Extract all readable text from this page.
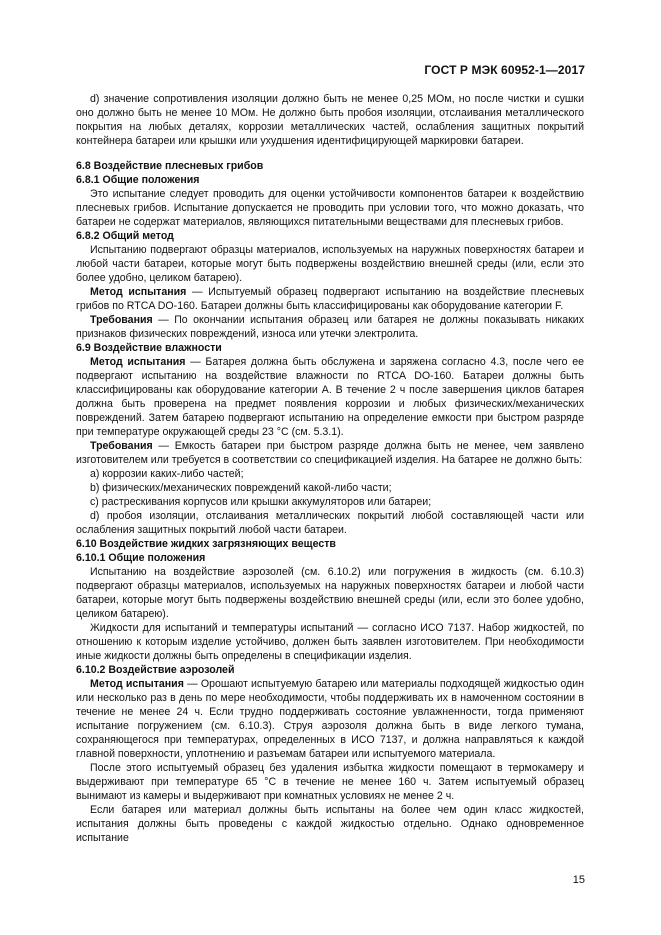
ГОСТ Р МЭК 60952-1—2017

d) значение сопротивления изоляции должно быть не менее 0,25 МОм, но после чистки и сушки оно должно быть не менее 10 МОм. Не должно быть пробоя изоляции, отслаивания металлического покрытия на любых деталях, коррозии металлических частей, ослабления защитных покрытий контейнера батареи или крышки или ухудшения идентифицирующей маркировки батареи.

6.8 Воздействие плесневых грибов

6.8.1 Общие положения

Это испытание следует проводить для оценки устойчивости компонентов батареи к воздействию плесневых грибов. Испытание допускается не проводить при условии того, что можно доказать, что батареи не содержат материалов, являющихся питательными веществами для плесневых грибов.

6.8.2 Общий метод

Испытанию подвергают образцы материалов, используемых на наружных поверхностях батареи и любой части батареи, которые могут быть подвержены воздействию внешней среды (или, если это более удобно, целиком батарею).

Метод испытания — Испытуемый образец подвергают испытанию на воздействие плесневых грибов по RTCA DO-160. Батареи должны быть классифицированы как оборудование категории F.

Требования — По окончании испытания образец или батарея не должны показывать никаких признаков физических повреждений, износа или утечки электролита.

6.9 Воздействие влажности

Метод испытания — Батарея должна быть обслужена и заряжена согласно 4.3, после чего ее подвергают испытанию на воздействие влажности по RTCA DO-160. Батареи должны быть классифицированы как оборудование категории А. В течение 2 ч после завершения циклов батарея должна быть проверена на предмет появления коррозии и любых физических/механических повреждений. Затем батарею подвергают испытанию на определение емкости при быстром разряде при температуре окружающей среды 23 °С (см. 5.3.1).

Требования — Емкость батареи при быстром разряде должна быть не менее, чем заявлено изготовителем или требуется в соответствии со спецификацией изделия. На батарее не должно быть:

а) коррозии каких-либо частей;

b) физических/механических повреждений какой-либо части;

с) растрескивания корпусов или крышки аккумуляторов или батареи;

d) пробоя изоляции, отслаивания металлических покрытий любой составляющей части или ослабления защитных покрытий любой части батареи.

6.10 Воздействие жидких загрязняющих веществ

6.10.1 Общие положения

Испытанию на воздействие аэрозолей (см. 6.10.2) или погружения в жидкость (см. 6.10.3) подвергают образцы материалов, используемых на наружных поверхностях батареи и любой части батареи, которые могут быть подвержены воздействию внешней среды (или, если это более удобно, целиком батарею).

Жидкости для испытаний и температуры испытаний — согласно ИСО 7137. Набор жидкостей, по отношению к которым изделие устойчиво, должен быть заявлен изготовителем. При необходимости иные жидкости должны быть определены в спецификации изделия.

6.10.2 Воздействие аэрозолей

Метод испытания — Орошают испытуемую батарею или материалы подходящей жидкостью один или несколько раз в день по мере необходимости, чтобы поддерживать их в намоченном состоянии в течение не менее 24 ч. Если трудно поддерживать состояние увлажненности, тогда применяют испытание погружением (см. 6.10.3). Струя аэрозоля должна быть в виде легкого тумана, сохраняющегося при температурах, определенных в ИСО 7137, и должна направляться к каждой главной поверхности, уплотнению и разъемам батареи или испытуемого материала.

После этого испытуемый образец без удаления избытка жидкости помещают в термокамеру и выдерживают при температуре 65 °С в течение не менее 160 ч. Затем испытуемый образец вынимают из камеры и выдерживают при комнатных условиях не менее 2 ч.

Если батарея или материал должны быть испытаны на более чем один класс жидкостей, испытания должны быть проведены с каждой жидкостью отдельно. Однако одновременное испытание

15
